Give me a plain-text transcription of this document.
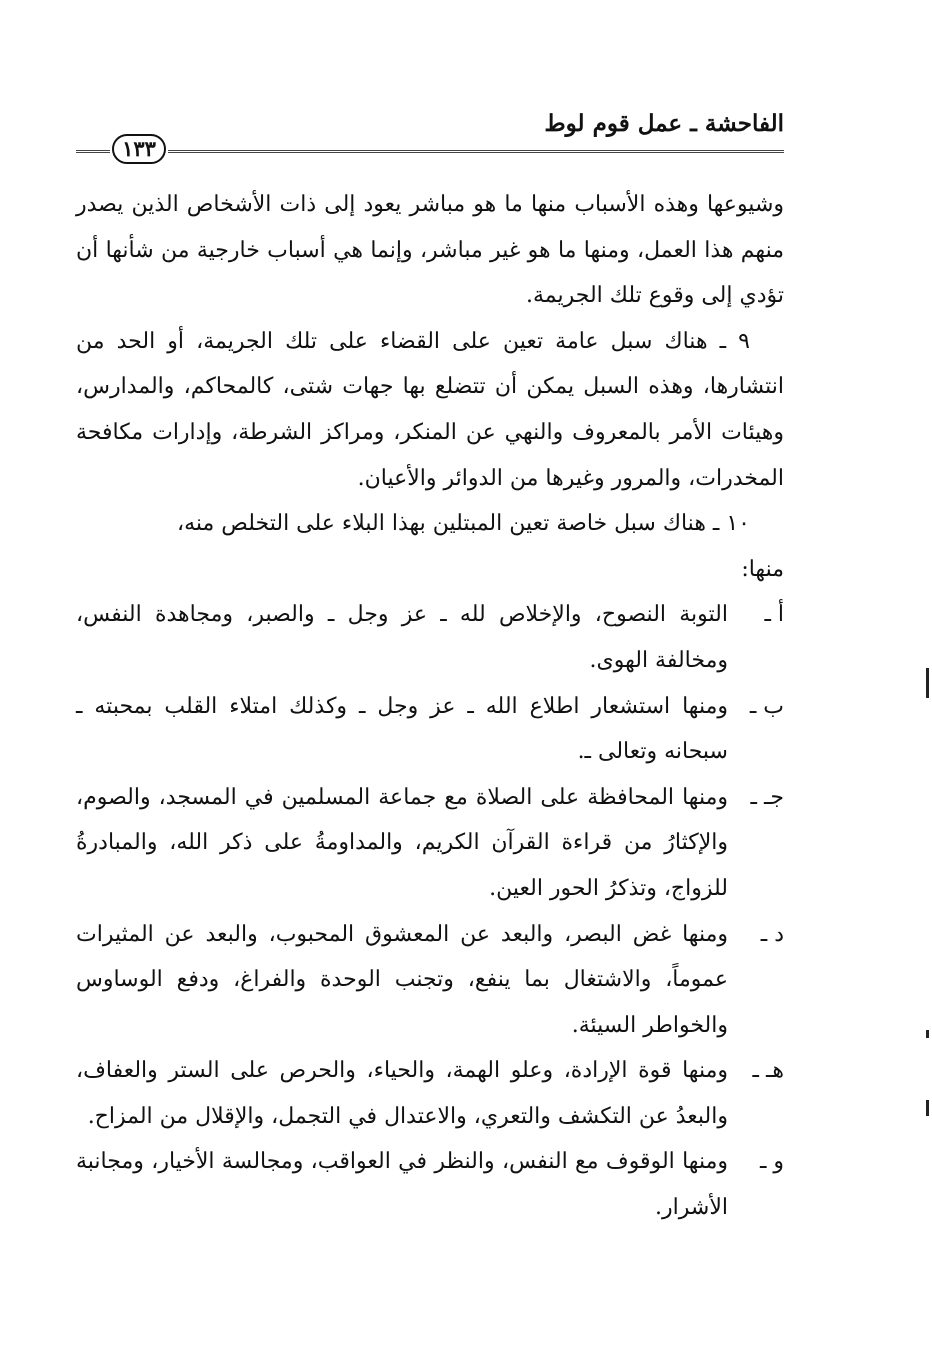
الفاحشة ـ عمل قوم لوط
١٣٣

وشيوعها وهذه الأسباب منها ما هو مباشر يعود إلى ذات الأشخاص الذين يصدر منهم هذا العمل، ومنها ما هو غير مباشر، وإنما هي أسباب خارجية من شأنها أن تؤدي إلى وقوع تلك الجريمة.

٩ ـ هناك سبل عامة تعين على القضاء على تلك الجريمة، أو الحد من انتشارها، وهذه السبل يمكن أن تتضلع بها جهات شتى، كالمحاكم، والمدارس، وهيئات الأمر بالمعروف والنهي عن المنكر، ومراكز الشرطة، وإدارات مكافحة المخدرات، والمرور وغيرها من الدوائر والأعيان.

١٠ ـ هناك سبل خاصة تعين المبتلين بهذا البلاء على التخلص منه،

منها:

أ ـ
التوبة النصوح، والإخلاص لله ـ عز وجل ـ والصبر، ومجاهدة النفس، ومخالفة الهوى.
ب ـ
ومنها استشعار اطلاع الله ـ عز وجل ـ وكذلك امتلاء القلب بمحبته ـ سبحانه وتعالى ـ.
جـ ـ
ومنها المحافظة على الصلاة مع جماعة المسلمين في المسجد، والصوم، والإكثارُ من قراءة القرآن الكريم، والمداومةُ على ذكر الله، والمبادرةُ للزواج، وتذكرُ الحور العين.
د ـ
ومنها غض البصر، والبعد عن المعشوق المحبوب، والبعد عن المثيرات عموماً، والاشتغال بما ينفع، وتجنب الوحدة والفراغ، ودفع الوساوس والخواطر السيئة.
هـ ـ
ومنها قوة الإرادة، وعلو الهمة، والحياء، والحرص على الستر والعفاف، والبعدُ عن التكشف والتعري، والاعتدال في التجمل، والإقلال من المزاح.
و ـ
ومنها الوقوف مع النفس، والنظر في العواقب، ومجالسة الأخيار، ومجانبة الأشرار.
